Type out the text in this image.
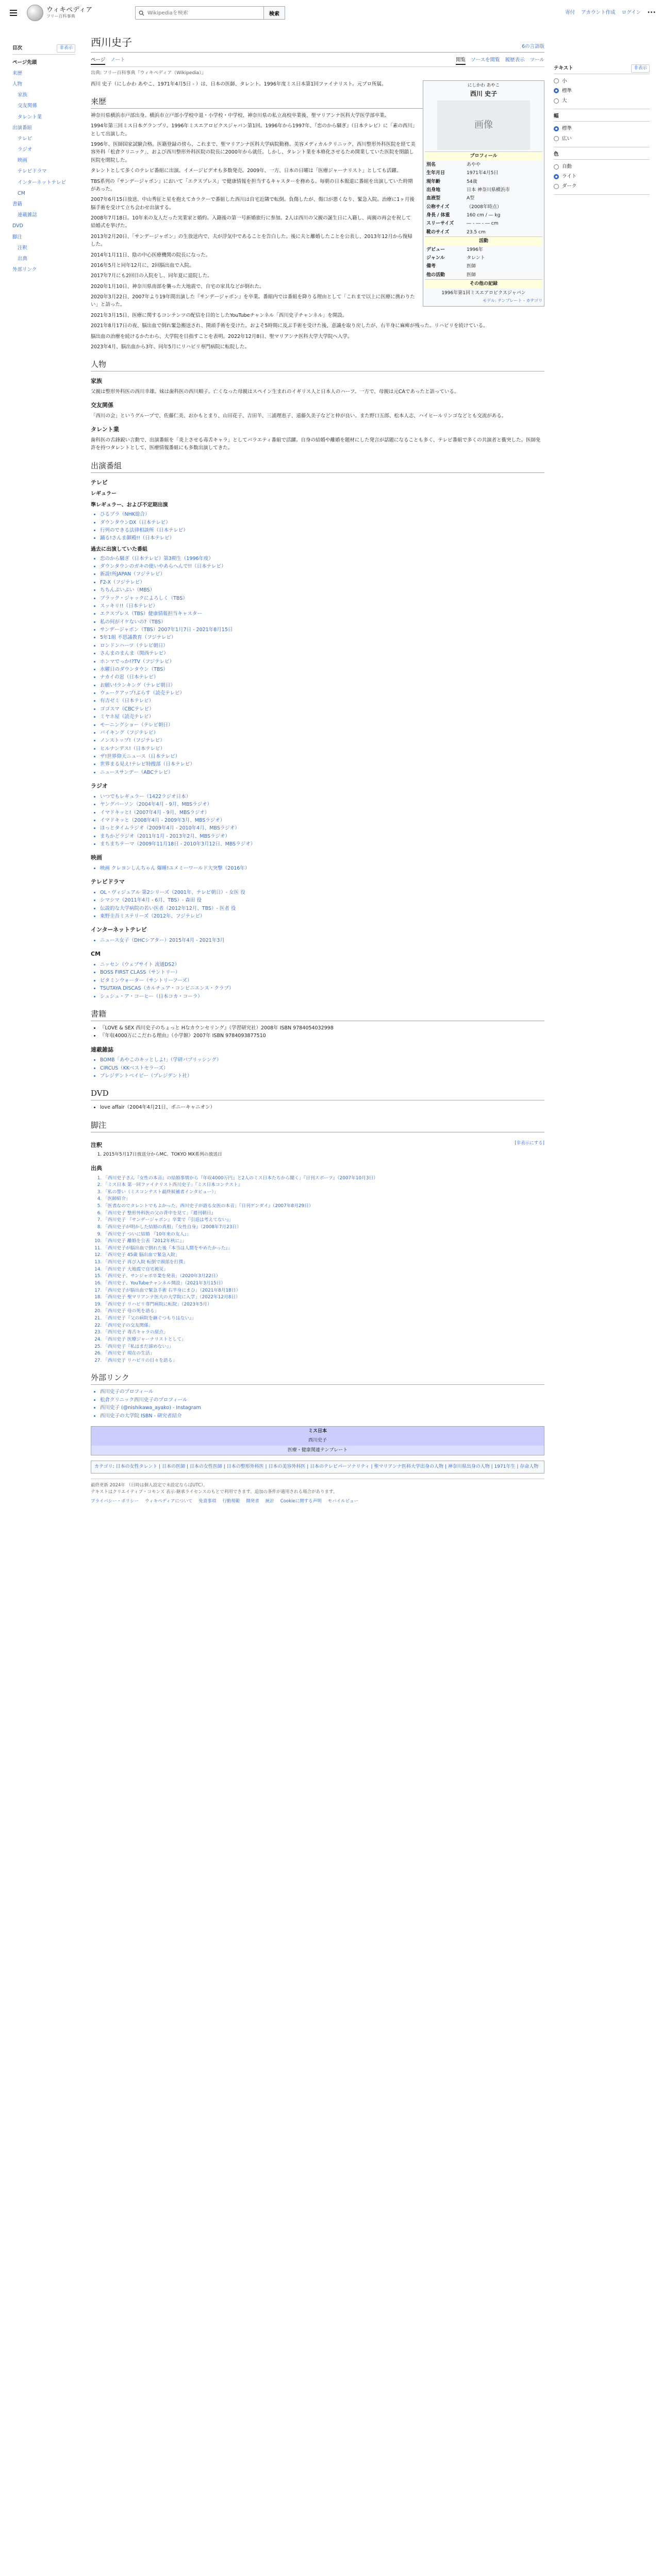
ウィキペディア
フリー百科事典
Wikipediaを検索	検索	寄付 アカウント作成 ログイン •••
目次	非表示
ページ先頭
来歴
人物
家族
交友関係
タレント業
出演番組
テレビ
ラジオ
映画
テレビドラマ
インターネットテレビ
CM
書籍
連載雑誌
DVD
脚注
注釈
出典
外部リンク
テキスト	非表示
小
標準
大
幅
標準
広い
色
自動
ライト
ダーク
西川史子	6の言語版
ページ ノート	閲覧 ソースを閲覧 履歴表示 ツール
出典: フリー百科事典『ウィキペディア（Wikipedia）』
にしかわ あやこ
西川 史子
画像
プロフィール
別名	あやや
生年月日	1971年4月5日
現年齢	54歳
出身地	日本 神奈川県横浜市
血液型	A型
公称サイズ	（2008年時点）
身長 / 体重	160 cm / ― kg
スリーサイズ	― - ― - ― cm
靴のサイズ	23.5 cm
活動
デビュー	1996年
ジャンル	タレント
備考	医師
他の活動	医師
その他の記録
1996年第1回ミスエアロビクスジャパン
モデル: テンプレート - カテゴリ

西川 史子（にしかわ あやこ、1971年4月5日 - ）は、日本の医師、タレント。1996年度ミス日本第1回ファイナリスト。元プロ所属。

来歴

神奈川県横浜市戸部出身。横浜市立戸部小学校中退・小学校・中学校、神奈川県の私立高校卒業後、聖マリアンナ医科大学医学部卒業。

1994年第三回ミス日本グランプリ。1996年ミスエアロビクスジャパン第1回。1996年から1997年、『恋のから騒ぎ』（日本テレビ）に「素の西川」として出演した。

1996年、医師国家試験合格。医籍登録の傍ら、これまで、聖マリアンナ医科大学病院勤務。美容メディカルクリニック、西川整形外科医院を経て美容外科「松倉クリニック」、および西川整形外科医院の院長に2000年から就任。しかし、タレント業を本格化させるため開業していた医院を閉鎖し医院を閉院した。

タレントとして多くのテレビ番組に出演。イメージビデオも多数発売。2009年、一方、日本の日曜は「医療ジャーナリスト」としても活躍。

TBS系列の『サンデージャポン』において「エクスプレス」で健康情報を担当するキャスターを務める。毎朝の日本報道に番組を出演していた時期があった。

2007年6月15日放送、中山秀征と星を抱えてカラクーで番組した西川は自宅近隣で転倒。負傷したが、傷口が悪くなり、緊急入院。治療に1ヶ月後脳手術を受けて立ち会わせ出演する。

2008年7月18日。10年来の友人だった実業家と婚約。入籍後の第一号新婚旅行に参加。2人は西川の父親の誕生日に入籍し、両親の再会を祝して結婚式を挙げた。

2013年2月20日、「サンデージャポン」の生放送内で、夫が浮気中であることを告白した。後に夫と離婚したことを公表し、2013年12月から復帰した。

2014年1月11日、陰の中心医療機関の院長になった。

2016年5月と同年12月に、2回脳出血で入院。

2017年7月にも2回目の入院をし、同年夏に退院した。

2020年1月10日、神奈川県南部を襲った大地震で、自宅の家具などが倒れた。

2020年3月22日、2007年より19年間出演した『サンデージャポン』を卒業。番組内では番組を降りる理由として「これまで以上に医療に携わりたい」と語った。

2021年3月15日、医療に関するコンテンツの配信を目的としたYouTubeチャンネル「西川史子チャンネル」を開設。

2021年8月17日の夜、脳出血で倒れ緊急搬送され、開頭手術を受けた。およそ5時間に及ぶ手術を受けた後、意識を取り戻したが、右半身に麻痺が残った。リハビリを続けている。

脳出血の治療を続けるかたわら、大学院を目指すことを表明。2022年12月8日、聖マリアンナ医科大学大学院へ入学。

2023年4月、脳出血から3年、同年5月にリハビリ専門病院に転院した。

人物
家族

父親は整形外科医の西川幸雄。妹は歯科医の西川順子。亡くなった母親はスペイン生まれのイギリス人と日本人のハーフ。一方で、母親は元CAであったと語っている。

交友関係

「西川の会」というグループで、佐藤仁美、おかもとまり、山田花子、吉田羊、三浦理恵子、遠藤久美子などと仲が良い。また野口五郎、松本人志、ハイヒールリンゴなどとも交流がある。

タレント業

歯科医の舌鋒鋭い言動で、出演番組を「炎上させる毒舌キャラ」としてバラエティ番組で活躍。自身の結婚や離婚を題材にした発言が話題になることも多く、テレビ番組で多くの共演者と衝突した。医師免許を持つタレントとして、医療情報番組にも多数出演してきた。

出演番組
テレビ
レギュラー
準レギュラー、および不定期出演
• ひるブラ（NHK総合）
• ダウンタウンDX（日本テレビ）
• 行列のできる法律相談所（日本テレビ）
• 踊る!さんま御殿!!（日本テレビ）
過去に出演していた番組
• 恋のから騒ぎ（日本テレビ）第3期生（1996年度）
• ダウンタウンのガキの使いやあらへんで!!（日本テレビ）
• 新説!所JAPAN（フジテレビ）
• F2-X（フジテレビ）
• ちちんぷいぷい（MBS）
• ブラック・ジャックによろしく（TBS）
• スッキリ!!（日本テレビ）
• エクスプレス（TBS）健康情報担当キャスター
• 私の何がイケないの?（TBS）
• サンデージャポン（TBS）2007年1月7日 - 2021年8月15日
• 5年1組 不思議教育（フジテレビ）
• ロンドンハーツ（テレビ朝日）
• さんまのまんま（関西テレビ）
• ホンマでっか!?TV（フジテレビ）
• 水曜日のダウンタウン（TBS）
• ナカイの窓（日本テレビ）
• お願い!ランキング（テレビ朝日）
• ウェークアップ!ぷらす（読売テレビ）
• 有吉ゼミ（日本テレビ）
• ゴゴスマ（CBCテレビ）
• ミヤネ屋（読売テレビ）
• モーニングショー（テレビ朝日）
• バイキング（フジテレビ）
• ノンストップ!（フジテレビ）
• ヒルナンデス!（日本テレビ）
• ザ!世界仰天ニュース（日本テレビ）
• 世界まる見え!テレビ特捜部（日本テレビ）
• ニュースサンデー（ABCテレビ）
ラジオ
• いつでもレギュラー（1422ラジオ日本）
• ヤングパーソン（2004年4月 - 9月、MBSラジオ）
• イマドキッと!（2007年4月 - 9月、MBSラジオ）
• イマドキッと（2008年4月 - 2009年3月、MBSラジオ）
• ほっとタイムラジオ（2009年4月 - 2010年4月、MBSラジオ）
• まちかどラジオ（2011年1月 - 2013年2月、MBSラジオ）
• まちまちテーマ（2009年11月18日 - 2010年3月12日、MBSラジオ）
映画
• 映画 クレヨンしんちゃん 爆睡!ユメミーワールド大突撃（2016年）
テレビドラマ
• OL・ヴィジュアル 第2シリーズ（2001年、テレビ朝日）- 女医 役
• シマシマ（2011年4月 - 6月、TBS）- 森田 役
• 伝説的な大学病院の若い医者（2012年12月、TBS）- 医者 役
• 東野圭吾ミステリーズ（2012年、フジテレビ）
インターネットテレビ
• ニュース女子（DHCシアター）2015年4月 - 2021年3月
CM
• ニッセン（ウェブサイト 流通DS2）
• BOSS FIRST CLASS（サントリー）
• ピタミンウォーター（サントリーフーズ）
• TSUTAYA DISCAS（カルチュア・コンビニエンス・クラブ）
• シュシュ・ア・コーヒー（日本コカ・コーラ）
書籍
• 『LOVE & SEX 西川史子のちょっと Hなカウンセリング』（学習研究社）2008年 ISBN 9784054032998
• 『年収4000万にこだわる理由』（小学館）2007年 ISBN 9784093877510
連載雑誌
• BOMB「あやこのキッとしよ!」（学研パブリッシング）
• CIRCUS（KKベストセラーズ）
• プレジデントベイビー（プレジデント社）
DVD
• love affair（2004年4月21日、ポニーキャニオン）
脚注
注釈	[非表示にする]
1. 2015年5月17日放送分からMC。TOKYO MX系列の放送日
出典
1. 「西川史子さん『女性の本音』の結婚事情から『年収4000万円』と2人のミス日本たちから聞く」『日刊スポーツ』（2007年10月3日）
2. 「ミス日本 第一回ファイナリスト西川史子」『ミス日本コンテスト』
3. 「私の誓い（ミスコンテスト最終候補者インタビュー）」
4. 「医師紹介」
5. 「医者なのでタレントでもよかった。西川史子が語る女医の本音」『日刊ゲンダイ』（2007年8月29日）
6. 「西川史子 整形外科医の父の背中を見て」『週刊朝日』
7. 「西川史子 『サンデージャポン』卒業で『引退は考えてない』」
8. 「西川史子が明かした結婚の真相」『女性自身』（2008年7月23日）
9. 「西川史子 ついに結婚 『10年来の友人』」
10. 「西川史子 離婚を公表『2012年秋に』」
11. 「西川史子が脳出血で倒れた後『本当は人間をやめたかった』」
12. 「西川史子 45歳 脳出血で緊急入院」
13. 「西川史子 再び入院 転倒で頭部を打撲」
14. 「西川史子 大地震で自宅被災」
15. 「西川史子、サンジャポ卒業を発表」（2020年3月22日）
16. 「西川史子、YouTubeチャンネル開設」（2021年3月15日）
17. 「西川史子が脳出血で緊急手術 右半身にまひ」（2021年8月18日）
18. 「西川史子 聖マリアンナ医大の大学院に入学」（2022年12月8日）
19. 「西川史子 リハビリ専門病院に転院」（2023年5月）
20. 「西川史子 母の死を語る」
21. 「西川史子『父の病院を継ぐつもりはない』」
22. 「西川史子の交友関係」
23. 「西川史子 毒舌キャラの原点」
24. 「西川史子 医療ジャーナリストとして」
25. 「西川史子『私はまだ諦めない』」
26. 「西川史子 現在の生活」
27. 「西川史子 リハビリの日々を語る」
外部リンク
• 西川史子のプロフィール
• 松倉クリニック西川史子のプロフィール
• 西川史子 (@nishikawa_ayako) - Instagram
• 西川史子の大学院 ISBN - 研究者紹介
ミス日本
西川史子
医療・健康関連テンプレート
カテゴリ: 日本の女性タレント | 日本の医師 | 日本の女性医師 | 日本の整形外科医 | 日本の美容外科医 | 日本のテレビパーソナリティ | 聖マリアンナ医科大学出身の人物 | 神奈川県出身の人物 | 1971年生 | 存命人物
最終更新 2024年 （日時は個人設定で未設定ならばUTC）。
テキストはクリエイティブ・コモンズ 表示-継承ライセンスのもとで利用できます。追加の条件が適用される場合があります。
プライバシー・ポリシー ウィキペディアについて 免責事項 行動規範 開発者 統計 Cookieに関する声明 モバイルビュー
